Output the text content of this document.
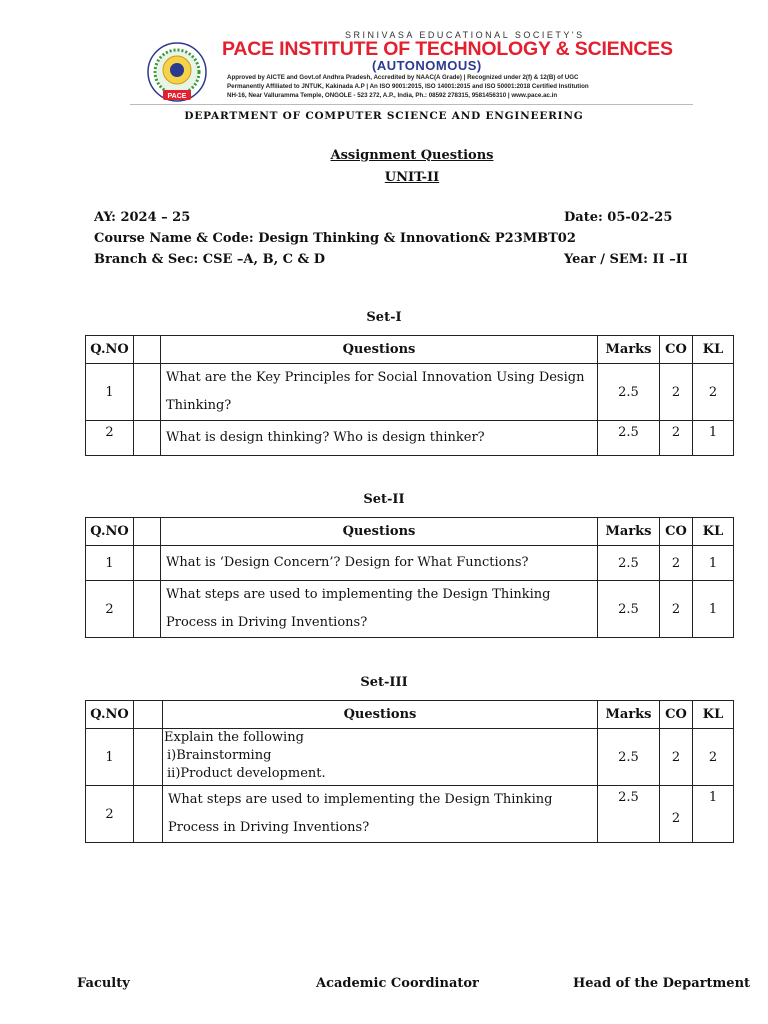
PACE
SRINIVASA EDUCATIONAL SOCIETY'S
PACE INSTITUTE OF TECHNOLOGY & SCIENCES
(AUTONOMOUS)
Approved by AICTE and Govt.of Andhra Pradesh, Accredited by NAAC(A Grade) | Recognized under 2(f) & 12(B) of UGC
Permanently Affiliated to JNTUK, Kakinada A.P | An ISO 9001:2015, ISO 14001:2015 and ISO 50001:2018 Certified Institution
NH-16, Near Valluramma Temple, ONGOLE - 523 272, A.P., India, Ph.: 08592 278315, 9581456310 | www.pace.ac.in
DEPARTMENT OF COMPUTER SCIENCE AND ENGINEERING
Assignment Questions
UNIT-II
AY: 2024 – 25	Date: 05-02-25
Course Name & Code: Design Thinking & Innovation& P23MBT02
Branch & Sec: CSE –A, B, C & D	Year / SEM: II –II
Set-I
Q.NO		Questions	Marks	CO	KL
1		What are the Key Principles for Social Innovation Using Design Thinking?	2.5	2	2
2		What is design thinking? Who is design thinker?	2.5	2	1
Set-II
Q.NO		Questions	Marks	CO	KL
1		What is ‘Design Concern’? Design for What Functions?	2.5	2	1
2		What steps are used to implementing the Design Thinking Process in Driving Inventions?	2.5	2	1
Set-III
Q.NO		Questions	Marks	CO	KL
1		Explain the following
i)Brainstorming
ii)Product development.	2.5	2	2
2		What steps are used to implementing the Design Thinking Process in Driving Inventions?	2.5	2	1
Faculty	Academic Coordinator	Head of the Department
